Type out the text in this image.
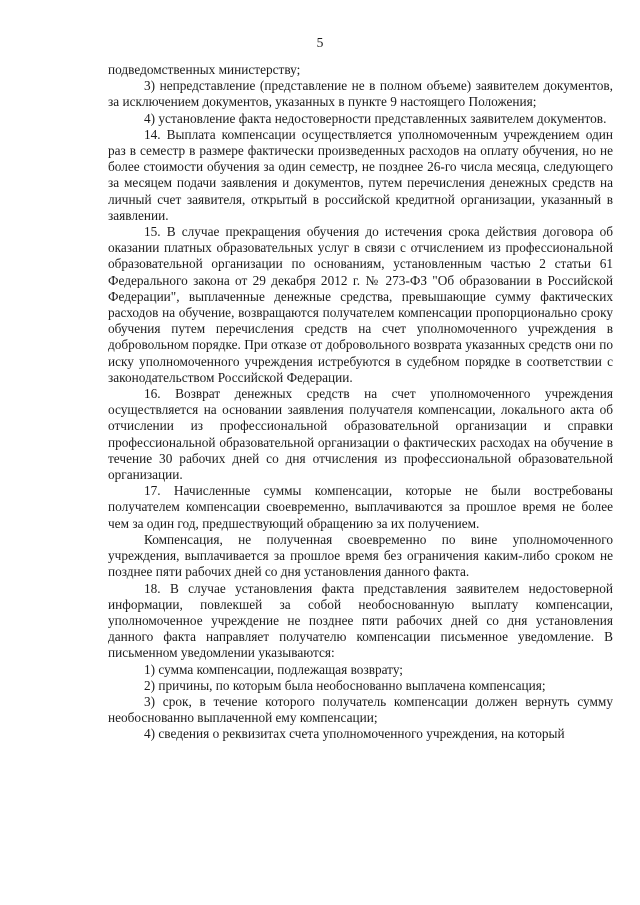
5

подведомственных министерству;

3) непредставление (представление не в полном объеме) заявителем документов, за исключением документов, указанных в пункте 9 настоящего Положения;

4) установление факта недостоверности представленных заявителем документов.

14. Выплата компенсации осуществляется уполномоченным учреждением один раз в семестр в размере фактически произведенных расходов на оплату обучения, но не более стоимости обучения за один семестр, не позднее 26-го числа месяца, следующего за месяцем подачи заявления и документов, путем перечисления денежных средств на личный счет заявителя, открытый в российской кредитной организации, указанный в заявлении.

15. В случае прекращения обучения до истечения срока действия договора об оказании платных образовательных услуг в связи с отчислением из профессиональной образовательной организации по основаниям, установленным частью 2 статьи 61 Федерального закона от 29 декабря 2012 г. № 273-ФЗ "Об образовании в Российской Федерации", выплаченные денежные средства, превышающие сумму фактических расходов на обучение, возвращаются получателем компенсации пропорционально сроку обучения путем перечисления средств на счет уполномоченного учреждения в добровольном порядке. При отказе от добровольного возврата указанных средств они по иску уполномоченного учреждения истребуются в судебном порядке в соответствии с законодательством Российской Федерации.

16. Возврат денежных средств на счет уполномоченного учреждения осуществляется на основании заявления получателя компенсации, локального акта об отчислении из профессиональной образовательной организации и справки профессиональной образовательной организации о фактических расходах на обучение в течение 30 рабочих дней со дня отчисления из профессиональной образовательной организации.

17. Начисленные суммы компенсации, которые не были востребованы получателем компенсации своевременно, выплачиваются за прошлое время не более чем за один год, предшествующий обращению за их получением.

Компенсация, не полученная своевременно по вине уполномоченного учреждения, выплачивается за прошлое время без ограничения каким-либо сроком не позднее пяти рабочих дней со дня установления данного факта.

18. В случае установления факта представления заявителем недостоверной информации, повлекшей за собой необоснованную выплату компенсации, уполномоченное учреждение не позднее пяти рабочих дней со дня установления данного факта направляет получателю компенсации письменное уведомление. В письменном уведомлении указываются:

1) сумма компенсации, подлежащая возврату;

2) причины, по которым была необоснованно выплачена компенсация;

3) срок, в течение которого получатель компенсации должен вернуть сумму необоснованно выплаченной ему компенсации;

4) сведения о реквизитах счета уполномоченного учреждения, на который
